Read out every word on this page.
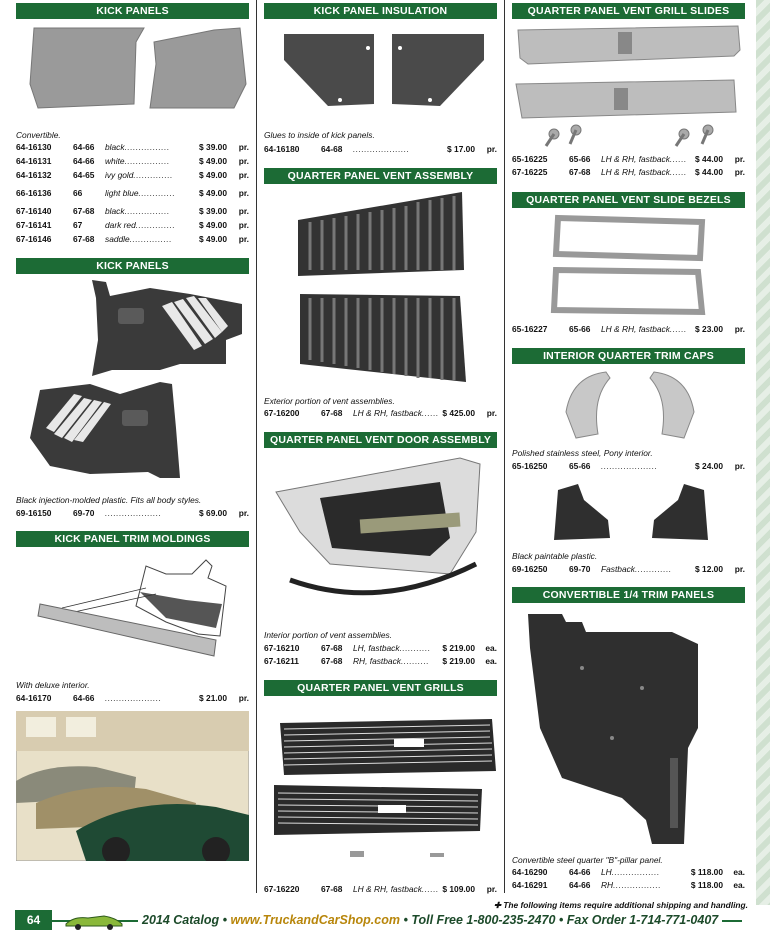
KICK PANELS
Convertible.
64-16130	64-66 black ................	$ 39.00 pr.
64-16131	64-66 white ................	$ 49.00 pr.
64-16132	64-65 ivy gold ..............	$ 49.00 pr.
66-16136	66	light blue .............	$ 49.00 pr.
67-16140	67-68 black ................	$ 39.00 pr.
67-16141	67	dark red ..............	$ 49.00 pr.
67-16146	67-68 saddle ...............	$ 49.00 pr.
KICK PANELS
Black injection-molded plastic. Fits all body styles.
69-16150	69-70 ....................	$ 69.00 pr.
KICK PANEL TRIM MOLDINGS
With deluxe interior.
64-16170	64-66 ....................	$ 21.00 pr.
KICK PANEL INSULATION
Glues to inside of kick panels.
64-16180	64-68 ....................	$ 17.00 pr.
QUARTER PANEL VENT ASSEMBLY
Exterior portion of vent assemblies.
67-16200	67-68 LH & RH, fastback ...... $ 425.00 pr.
QUARTER PANEL VENT DOOR ASSEMBLY
Interior portion of vent assemblies.
67-16210	67-68 LH, fastback ........... $ 219.00 ea.
67-16211	67-68 RH, fastback .......... $ 219.00 ea.
QUARTER PANEL VENT GRILLS
67-16220	67-68 LH & RH, fastback ...... $ 109.00 pr.
QUARTER PANEL VENT GRILL SLIDES
65-16225	65-66 LH & RH, fastback ...... $ 44.00 pr.
67-16225	67-68 LH & RH, fastback ...... $ 44.00 pr.
QUARTER PANEL VENT SLIDE BEZELS
65-16227	65-66 LH & RH, fastback ...... $ 23.00 pr.
INTERIOR QUARTER TRIM CAPS
Polished stainless steel, Pony interior.
65-16250	65-66 ....................	$ 24.00 pr.
Black paintable plastic.
69-16250	69-70 Fastback .............	$ 12.00 pr.
CONVERTIBLE 1/4 TRIM PANELS
Convertible steel quarter "B"-pillar panel.
64-16290	64-66 LH .................	$ 118.00 ea.
64-16291	64-66 RH .................	$ 118.00 ea.
✚ The following items require additional shipping and handling.
64	2014 Catalog • www.TruckandCarShop.com • Toll Free 1-800-235-2470 • Fax Order 1-714-771-0407
